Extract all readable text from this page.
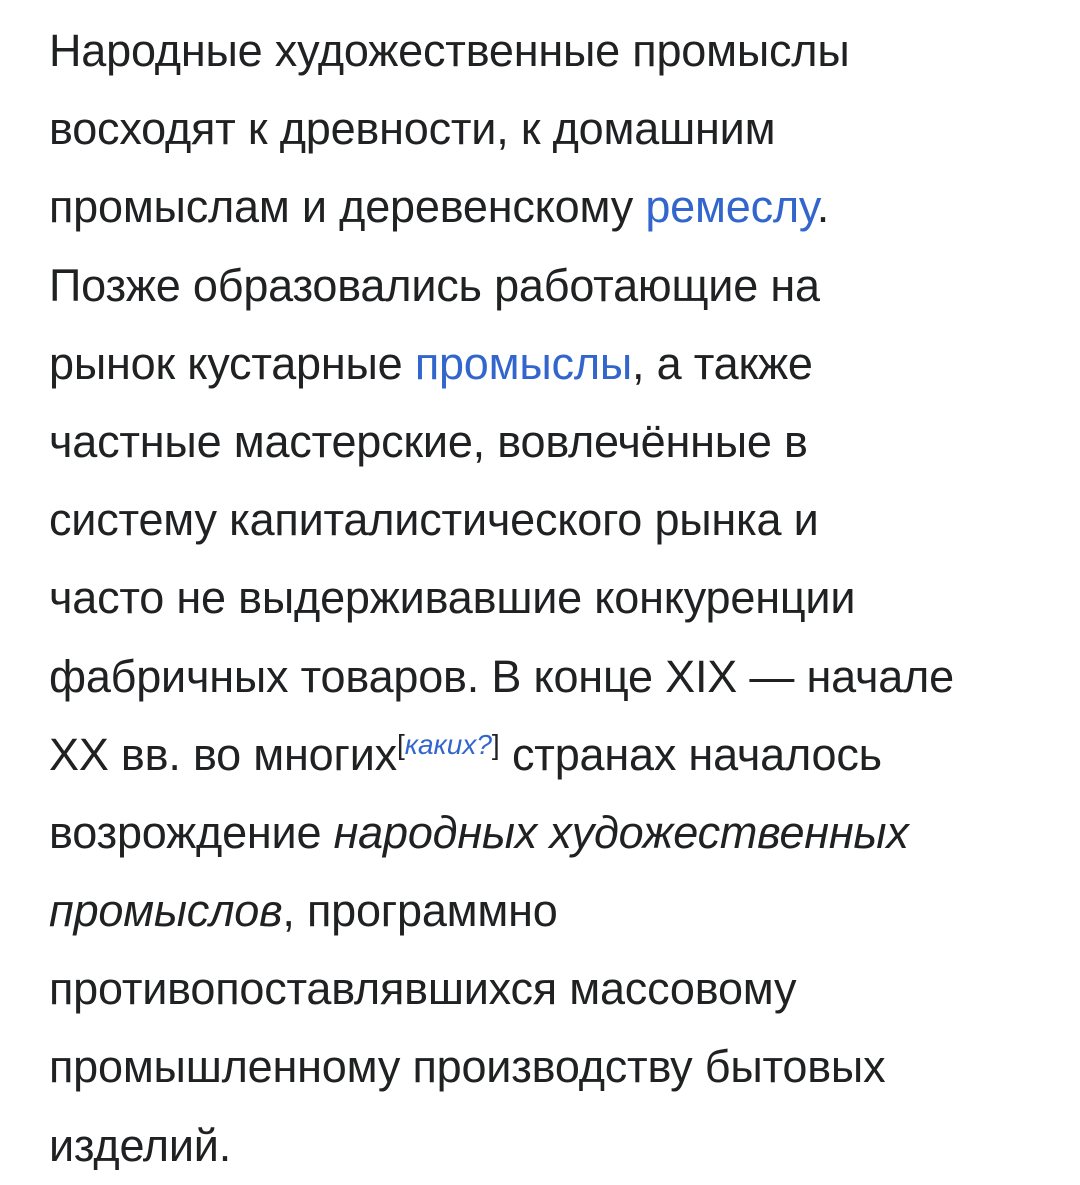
Народные художественные промыслы
восходят к древности, к домашним
промыслам и деревенскому ремеслу.
Позже образовались работающие на
рынок кустарные промыслы, а также
частные мастерские, вовлечённые в
систему капиталистического рынка и
часто не выдерживавшие конкуренции
фабричных товаров. В конце XIX — начале
XX вв. во многих[каких?] странах началось
возрождение народных художественных
промыслов, программно
противопоставлявшихся массовому
промышленному производству бытовых
изделий.
